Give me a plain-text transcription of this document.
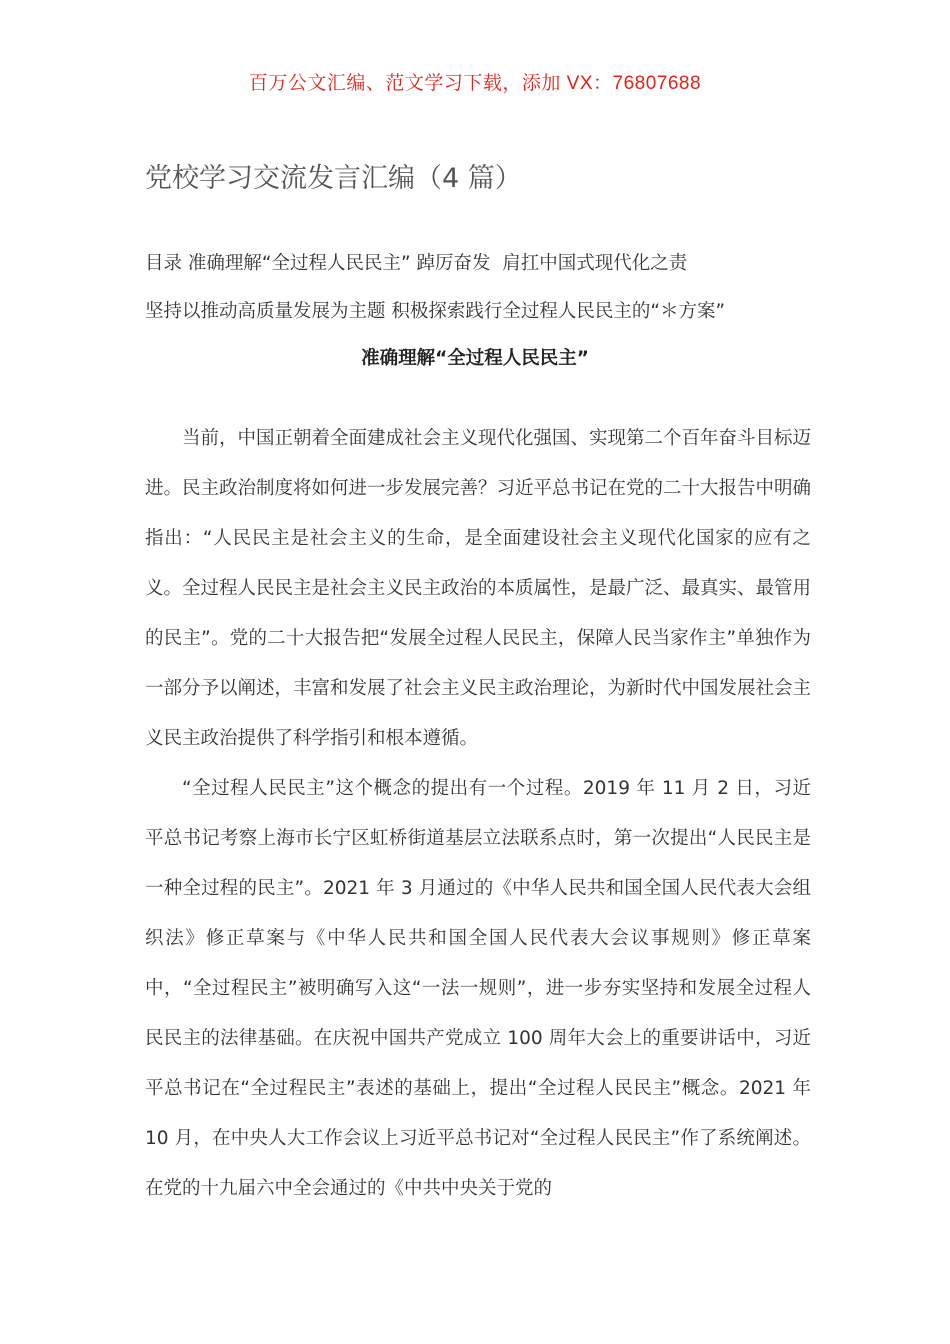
百万公文汇编、范文学习下载，添加 VX：76807688
党校学习交流发言汇编（4 篇）

目录 准确理解“全过程人民民主” 踔厉奋发  肩扛中国式现代化之责 坚持以推动高质量发展为主题 积极探索践行全过程人民民主的“＊方案”

准确理解“全过程人民民主”

当前，中国正朝着全面建成社会主义现代化强国、实现第二个百年奋斗目标迈进。民主政治制度将如何进一步发展完善？习近平总书记在党的二十大报告中明确指出：“人民民主是社会主义的生命，是全面建设社会主义现代化国家的应有之义。全过程人民民主是社会主义民主政治的本质属性，是最广泛、最真实、最管用的民主”。党的二十大报告把“发展全过程人民民主，保障人民当家作主”单独作为一部分予以阐述，丰富和发展了社会主义民主政治理论，为新时代中国发展社会主义民主政治提供了科学指引和根本遵循。

“全过程人民民主”这个概念的提出有一个过程。2019 年 11 月 2 日，习近平总书记考察上海市长宁区虹桥街道基层立法联系点时，第一次提出“人民民主是一种全过程的民主”。2021 年 3 月通过的《中华人民共和国全国人民代表大会组织法》修正草案与《中华人民共和国全国人民代表大会议事规则》修正草案中，“全过程民主”被明确写入这“一法一规则”，进一步夯实坚持和发展全过程人民民主的法律基础。在庆祝中国共产党成立 100 周年大会上的重要讲话中，习近平总书记在“全过程民主”表述的基础上，提出“全过程人民民主”概念。2021 年 10 月，在中央人大工作会议上习近平总书记对“全过程人民民主”作了系统阐述。在党的十九届六中全会通过的《中共中央关于党的
